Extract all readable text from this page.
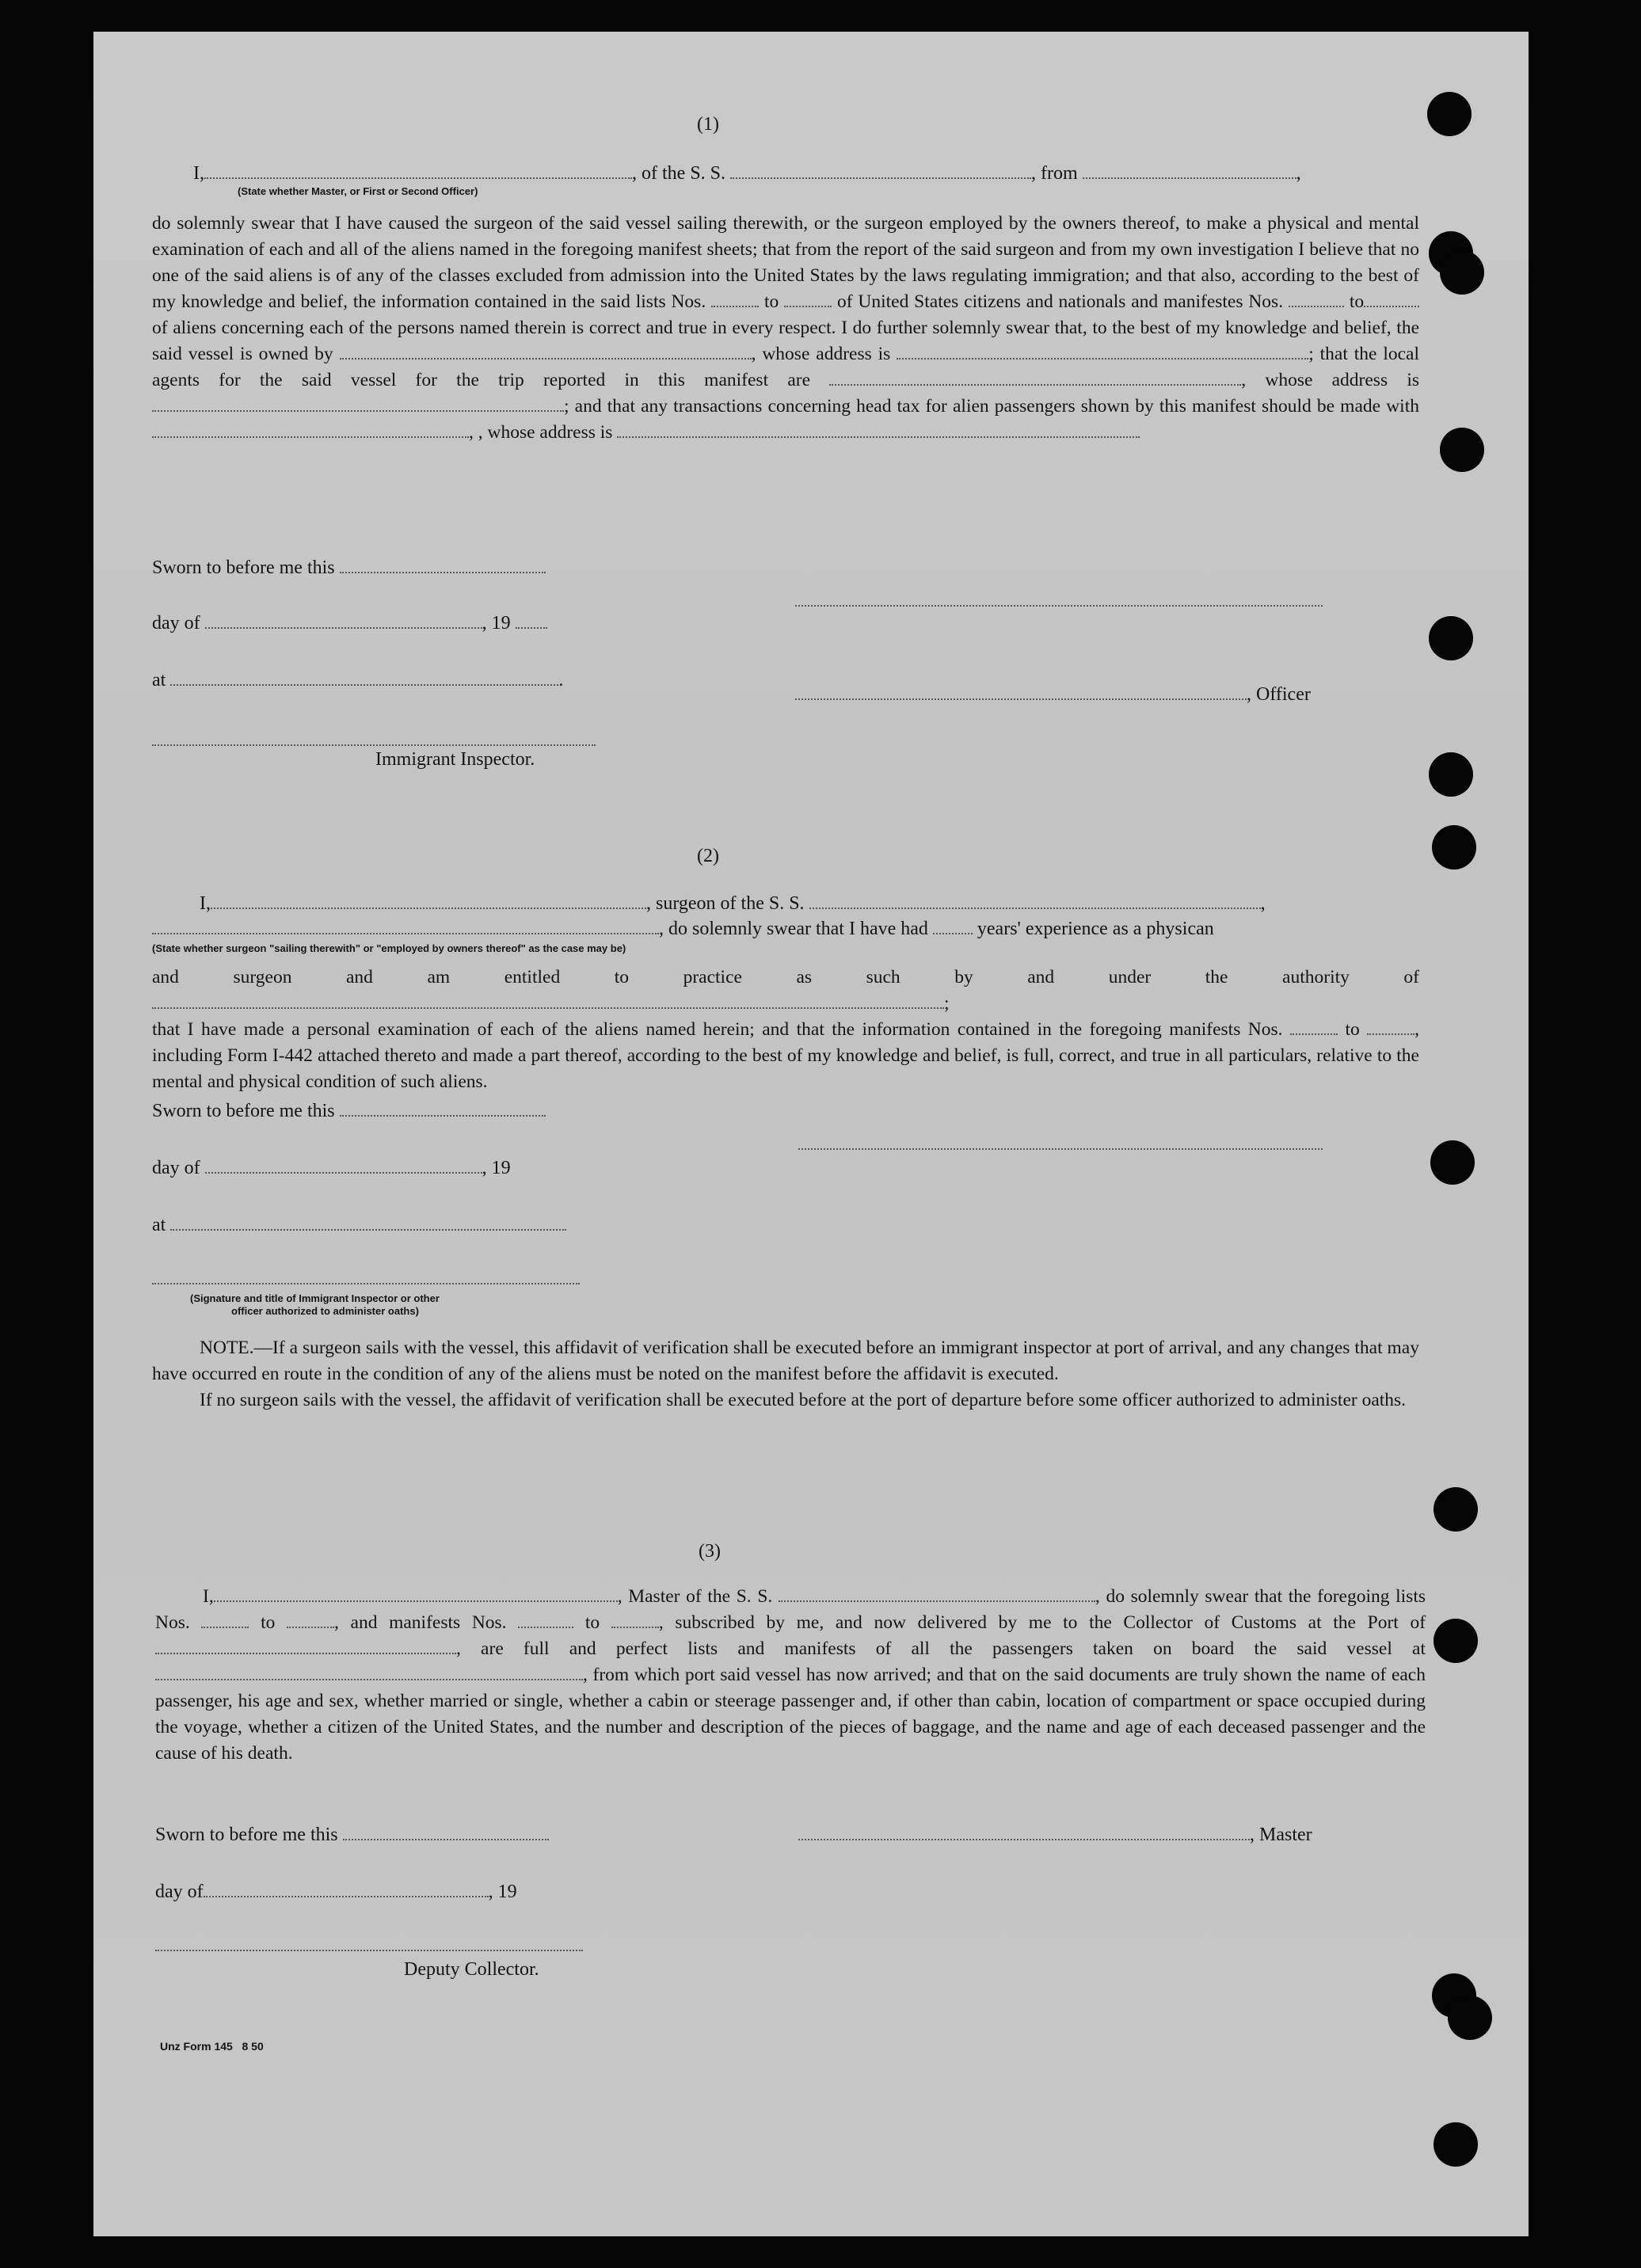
(1)
I,	, of the S. S.	, from	,
(State whether Master, or First or Second Officer)

do solemnly swear that I have caused the surgeon of the said vessel sailing therewith, or the surgeon employed by the owners thereof, to make a physical and mental examination of each and all of the aliens named in the foregoing manifest sheets; that from the report of the said surgeon and from my own investigation I believe that no one of the said aliens is of any of the classes excluded from admission into the United States by the laws regulating immigration; and that also, according to the best of my knowledge and belief, the information contained in the said lists Nos.	to	of United States citizens and nationals and manifestes Nos.	to of aliens concerning each of the persons named therein is correct and true in every respect. I do further solemnly swear that, to the best of my knowledge and belief, the said vessel is owned by	, whose address is	; that the local agents for the said vessel for the trip reported in this manifest are	, whose address is ; and that any transactions concerning head tax for alien passengers shown by this manifest should be made with , , whose address is

Sworn to before me this
day of	, 19
at	.
, Officer
Immigrant Inspector.
(2)
I,	, surgeon of the S. S.	,
, do solemnly swear that I have had	years' experience as a physican
(State whether surgeon "sailing therewith" or "employed by owners thereof" as the case may be)

and surgeon and am entitled to practice as such by and under the authority of ;

that I have made a personal examination of each of the aliens named herein; and that the information contained in the foregoing manifests Nos.	to	, including Form I-442 attached thereto and made a part thereof, according to the best of my knowledge and belief, is full, correct, and true in all particulars, relative to the mental and physical condition of such aliens.

Sworn to before me this
day of	, 19
at
(Signature and title of Immigrant Inspector or other
officer authorized to administer oaths)

NOTE.—If a surgeon sails with the vessel, this affidavit of verification shall be executed before an immigrant inspector at port of arrival, and any changes that may have occurred en route in the condition of any of the aliens must be noted on the manifest before the affidavit is executed.

If no surgeon sails with the vessel, the affidavit of verification shall be executed before at the port of departure before some officer authorized to administer oaths.

(3)

I,	, Master of the S. S.	, do solemnly swear that the foregoing lists Nos.	to	, and manifests Nos.	to	, subscribed by me, and now delivered by me to the Collector of Customs at the Port of , are full and perfect lists and manifests of all the passengers taken on board the said vessel at , from which port said vessel has now arrived; and that on the said documents are truly shown the name of each passenger, his age and sex, whether married or single, whether a cabin or steerage passenger and, if other than cabin, location of compartment or space occupied during the voyage, whether a citizen of the United States, and the number and description of the pieces of baggage, and the name and age of each deceased passenger and the cause of his death.

Sworn to before me this	, Master
day of	, 19
Deputy Collector.
Unz Form 145 8 50
